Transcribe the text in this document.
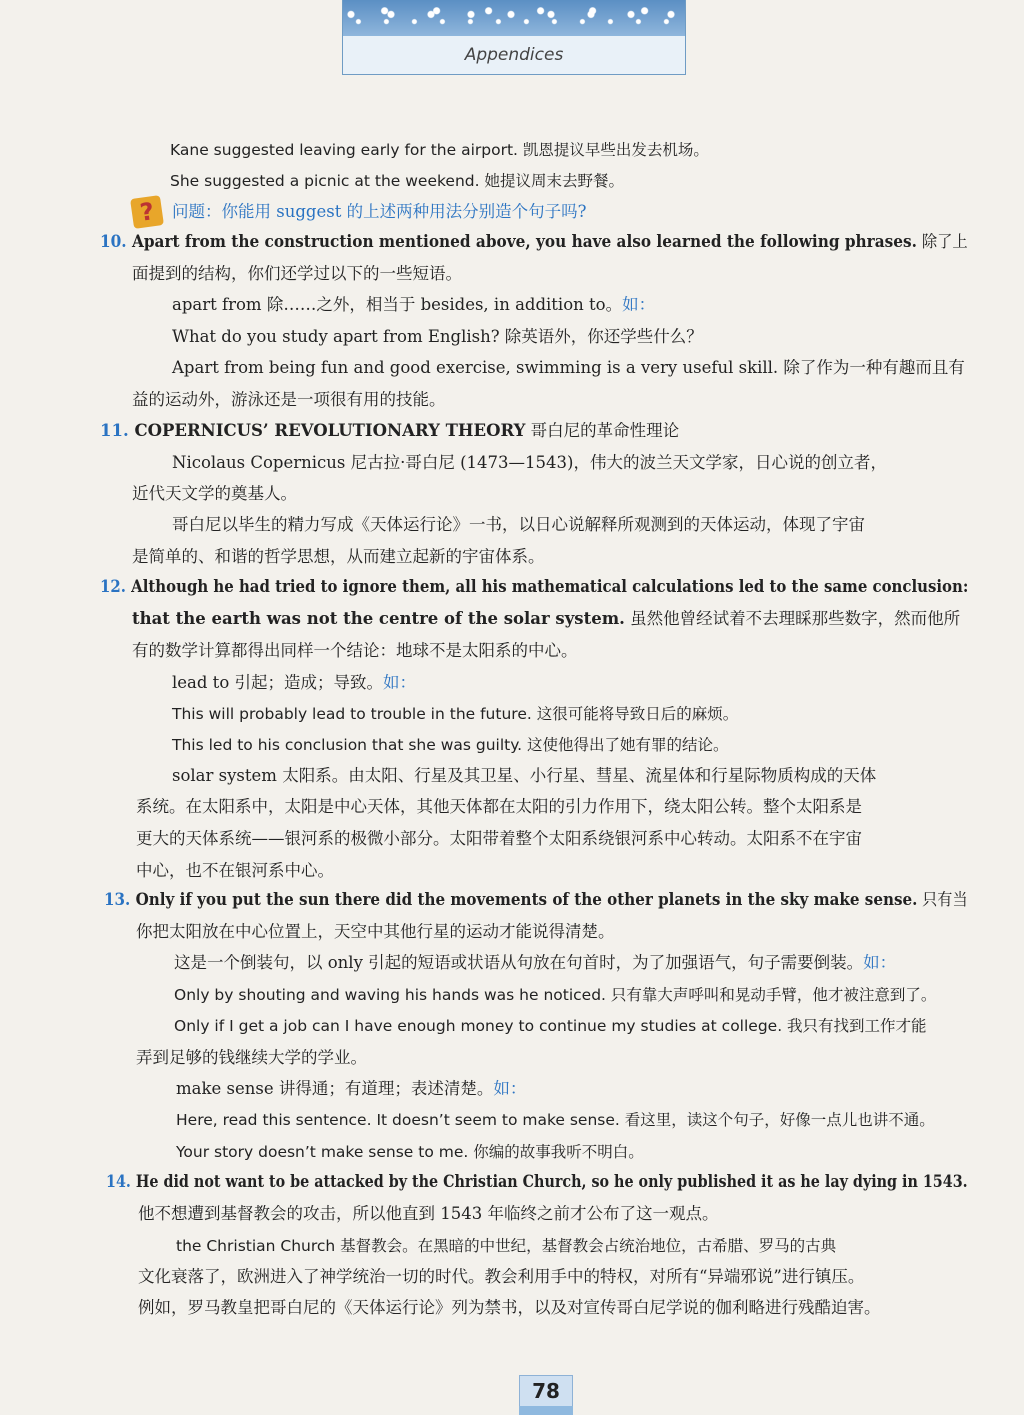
Appendices
?
Kane suggested leaving early for the airport. 凯恩提议早些出发去机场。
She suggested a picnic at the weekend. 她提议周末去野餐。
问题：你能用 suggest 的上述两种用法分别造个句子吗?
10. Apart from the construction mentioned above, you have also learned the following phrases. 除了上
面提到的结构，你们还学过以下的一些短语。
apart from 除……之外，相当于 besides, in addition to。如：
What do you study apart from English? 除英语外，你还学些什么？
Apart from being fun and good exercise, swimming is a very useful skill. 除了作为一种有趣而且有
益的运动外，游泳还是一项很有用的技能。
11. COPERNICUS’ REVOLUTIONARY THEORY 哥白尼的革命性理论
Nicolaus Copernicus 尼古拉·哥白尼 (1473—1543)，伟大的波兰天文学家，日心说的创立者，
近代天文学的奠基人。
哥白尼以毕生的精力写成《天体运行论》一书，以日心说解释所观测到的天体运动，体现了宇宙
是简单的、和谐的哲学思想，从而建立起新的宇宙体系。
12. Although he had tried to ignore them, all his mathematical calculations led to the same conclusion:
that the earth was not the centre of the solar system. 虽然他曾经试着不去理睬那些数字，然而他所
有的数学计算都得出同样一个结论：地球不是太阳系的中心。
lead to 引起；造成；导致。如：
This will probably lead to trouble in the future. 这很可能将导致日后的麻烦。
This led to his conclusion that she was guilty. 这使他得出了她有罪的结论。
solar system 太阳系。由太阳、行星及其卫星、小行星、彗星、流星体和行星际物质构成的天体
系统。在太阳系中，太阳是中心天体，其他天体都在太阳的引力作用下，绕太阳公转。整个太阳系是
更大的天体系统——银河系的极微小部分。太阳带着整个太阳系绕银河系中心转动。太阳系不在宇宙
中心，也不在银河系中心。
13. Only if you put the sun there did the movements of the other planets in the sky make sense. 只有当
你把太阳放在中心位置上，天空中其他行星的运动才能说得清楚。
这是一个倒装句，以 only 引起的短语或状语从句放在句首时，为了加强语气，句子需要倒装。如：
Only by shouting and waving his hands was he noticed. 只有靠大声呼叫和晃动手臂，他才被注意到了。
Only if I get a job can I have enough money to continue my studies at college. 我只有找到工作才能
弄到足够的钱继续大学的学业。
make sense 讲得通；有道理；表述清楚。如：
Here, read this sentence. It doesn’t seem to make sense. 看这里，读这个句子，好像一点儿也讲不通。
Your story doesn’t make sense to me. 你编的故事我听不明白。
14. He did not want to be attacked by the Christian Church, so he only published it as he lay dying in 1543.
他不想遭到基督教会的攻击，所以他直到 1543 年临终之前才公布了这一观点。
the Christian Church 基督教会。在黑暗的中世纪，基督教会占统治地位，古希腊、罗马的古典
文化衰落了，欧洲进入了神学统治一切的时代。教会利用手中的特权，对所有“异端邪说”进行镇压。
例如，罗马教皇把哥白尼的《天体运行论》列为禁书，以及对宣传哥白尼学说的伽利略进行残酷迫害。
78
